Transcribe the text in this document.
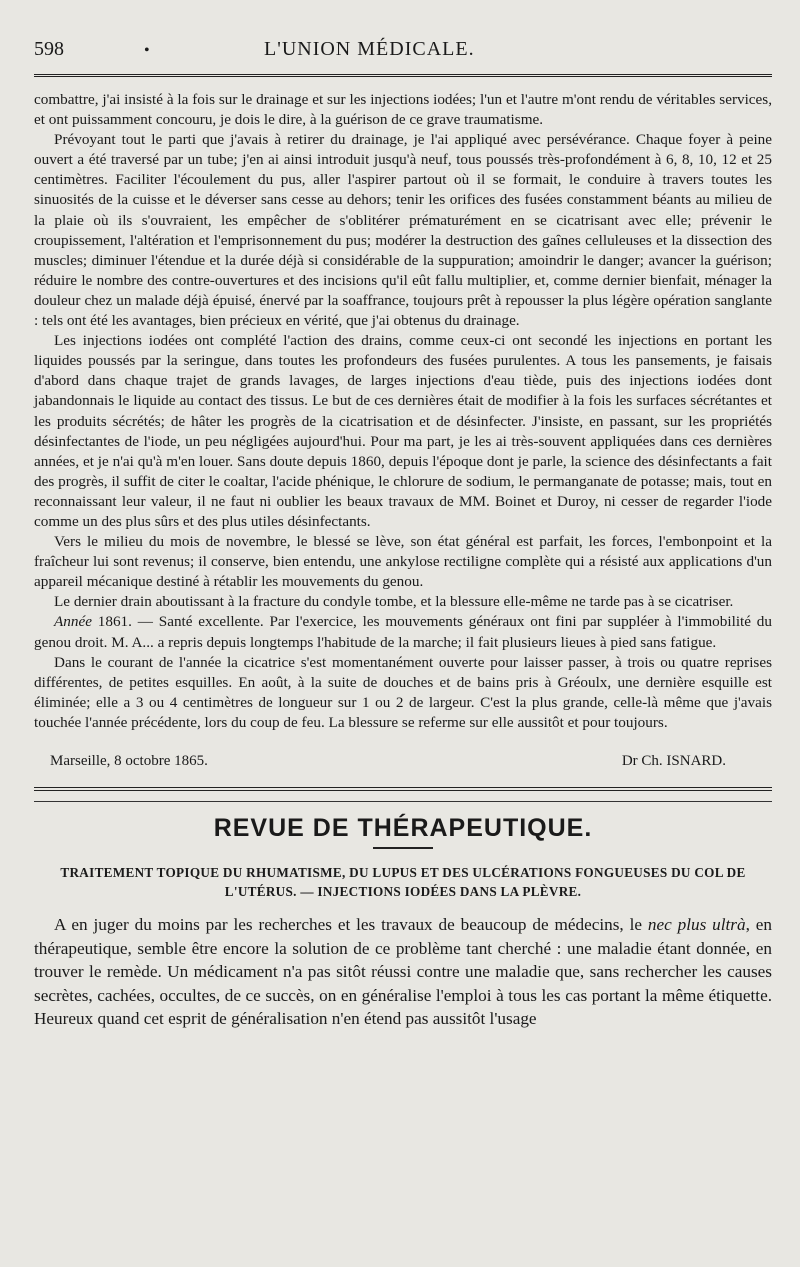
598	•	L'UNION MÉDICALE.

combattre, j'ai insisté à la fois sur le drainage et sur les injections iodées; l'un et l'autre m'ont rendu de véritables services, et ont puissamment concouru, je dois le dire, à la guérison de ce grave traumatisme.

Prévoyant tout le parti que j'avais à retirer du drainage, je l'ai appliqué avec persévérance. Chaque foyer à peine ouvert a été traversé par un tube; j'en ai ainsi introduit jusqu'à neuf, tous poussés très-profondément à 6, 8, 10, 12 et 25 centimètres. Faciliter l'écoulement du pus, aller l'aspirer partout où il se formait, le conduire à travers toutes les sinuosités de la cuisse et le déverser sans cesse au dehors; tenir les orifices des fusées constamment béants au milieu de la plaie où ils s'ouvraient, les empêcher de s'oblitérer prématurément en se cicatrisant avec elle; prévenir le croupissement, l'altération et l'emprisonnement du pus; modérer la destruction des gaînes celluleuses et la dissection des muscles; diminuer l'étendue et la durée déjà si considérable de la suppuration; amoindrir le danger; avancer la guérison; réduire le nombre des contre-ouvertures et des incisions qu'il eût fallu multiplier, et, comme dernier bienfait, ménager la douleur chez un malade déjà épuisé, énervé par la soaffrance, toujours prêt à repousser la plus légère opération sanglante : tels ont été les avantages, bien précieux en vérité, que j'ai obtenus du drainage.

Les injections iodées ont complété l'action des drains, comme ceux-ci ont secondé les injections en portant les liquides poussés par la seringue, dans toutes les profondeurs des fusées purulentes. A tous les pansements, je faisais d'abord dans chaque trajet de grands lavages, de larges injections d'eau tiède, puis des injections iodées dont jabandonnais le liquide au contact des tissus. Le but de ces dernières était de modifier à la fois les surfaces sécrétantes et les produits sécrétés; de hâter les progrès de la cicatrisation et de désinfecter. J'insiste, en passant, sur les propriétés désinfectantes de l'iode, un peu négligées aujourd'hui. Pour ma part, je les ai très-souvent appliquées dans ces dernières années, et je n'ai qu'à m'en louer. Sans doute depuis 1860, depuis l'époque dont je parle, la science des désinfectants a fait des progrès, il suffit de citer le coaltar, l'acide phénique, le chlorure de sodium, le permanganate de potasse; mais, tout en reconnaissant leur valeur, il ne faut ni oublier les beaux travaux de MM. Boinet et Duroy, ni cesser de regarder l'iode comme un des plus sûrs et des plus utiles désinfectants.

Vers le milieu du mois de novembre, le blessé se lève, son état général est parfait, les forces, l'embonpoint et la fraîcheur lui sont revenus; il conserve, bien entendu, une ankylose rectiligne complète qui a résisté aux applications d'un appareil mécanique destiné à rétablir les mouvements du genou.

Le dernier drain aboutissant à la fracture du condyle tombe, et la blessure elle-même ne tarde pas à se cicatriser.

Année 1861. — Santé excellente. Par l'exercice, les mouvements généraux ont fini par suppléer à l'immobilité du genou droit. M. A... a repris depuis longtemps l'habitude de la marche; il fait plusieurs lieues à pied sans fatigue.

Dans le courant de l'année la cicatrice s'est momentanément ouverte pour laisser passer, à trois ou quatre reprises différentes, de petites esquilles. En août, à la suite de douches et de bains pris à Gréoulx, une dernière esquille est éliminée; elle a 3 ou 4 centimètres de longueur sur 1 ou 2 de largeur. C'est la plus grande, celle-là même que j'avais touchée l'année précédente, lors du coup de feu. La blessure se referme sur elle aussitôt et pour toujours.

Marseille, 8 octobre 1865.	Dr Ch. ISNARD.
REVUE DE THÉRAPEUTIQUE.
TRAITEMENT TOPIQUE DU RHUMATISME, DU LUPUS ET DES ULCÉRATIONS FONGUEUSES DU COL DE L'UTÉRUS. — INJECTIONS IODÉES DANS LA PLÈVRE.

A en juger du moins par les recherches et les travaux de beaucoup de médecins, le nec plus ultrà, en thérapeutique, semble être encore la solution de ce problème tant cherché : une maladie étant donnée, en trouver le remède. Un médicament n'a pas sitôt réussi contre une maladie que, sans rechercher les causes secrètes, cachées, occultes, de ce succès, on en généralise l'emploi à tous les cas portant la même étiquette. Heureux quand cet esprit de généralisation n'en étend pas aussitôt l'usage
